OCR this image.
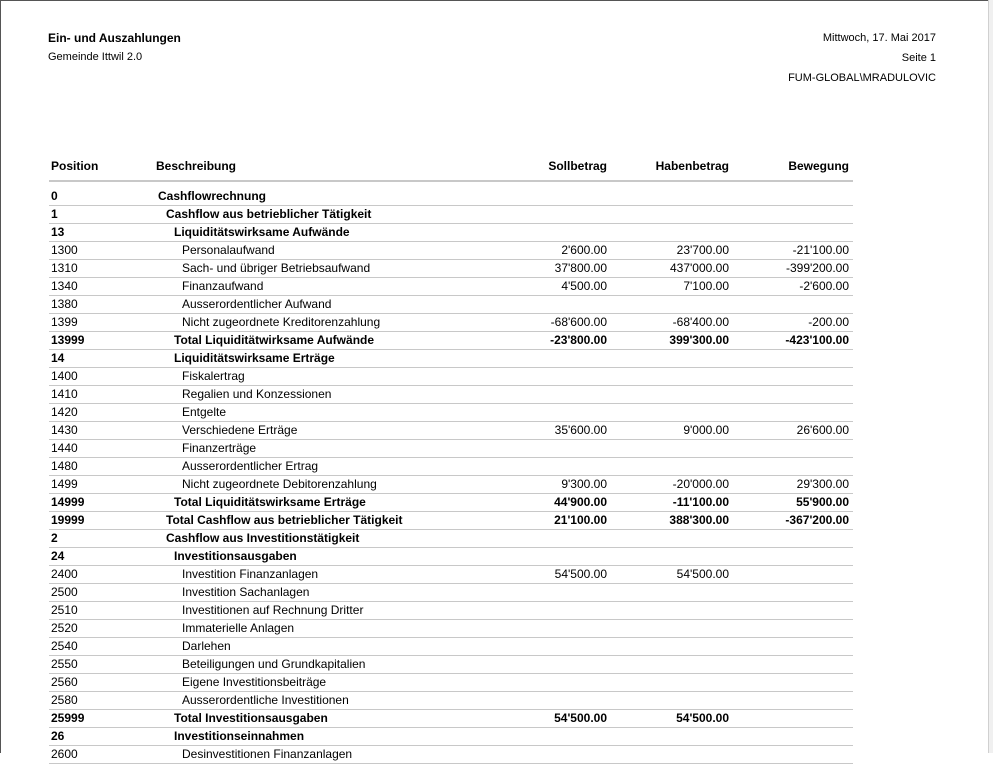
Ein- und Auszahlungen
Gemeinde Ittwil 2.0
Mittwoch, 17. Mai 2017
Seite 1
FUM-GLOBAL\MRADULOVIC
Position	Beschreibung	Sollbetrag	Habenbetrag	Bewegung

0	Cashflowrechnung			
1	Cashflow aus betrieblicher Tätigkeit			
13	Liquiditätswirksame Aufwände			
1300	Personalaufwand	2'600.00	23'700.00	-21'100.00
1310	Sach- und übriger Betriebsaufwand	37'800.00	437'000.00	-399'200.00
1340	Finanzaufwand	4'500.00	7'100.00	-2'600.00
1380	Ausserordentlicher Aufwand			
1399	Nicht zugeordnete Kreditorenzahlung	-68'600.00	-68'400.00	-200.00
13999	Total Liquiditätwirksame Aufwände	-23'800.00	399'300.00	-423'100.00
14	Liquiditätswirksame Erträge			
1400	Fiskalertrag			
1410	Regalien und Konzessionen			
1420	Entgelte			
1430	Verschiedene Erträge	35'600.00	9'000.00	26'600.00
1440	Finanzerträge			
1480	Ausserordentlicher Ertrag			
1499	Nicht zugeordnete Debitorenzahlung	9'300.00	-20'000.00	29'300.00
14999	Total Liquiditätswirksame Erträge	44'900.00	-11'100.00	55'900.00
19999	Total Cashflow aus betrieblicher Tätigkeit	21'100.00	388'300.00	-367'200.00
2	Cashflow aus Investitionstätigkeit			
24	Investitionsausgaben			
2400	Investition Finanzanlagen	54'500.00	54'500.00	
2500	Investition Sachanlagen			
2510	Investitionen auf Rechnung Dritter			
2520	Immaterielle Anlagen			
2540	Darlehen			
2550	Beteiligungen und Grundkapitalien			
2560	Eigene Investitionsbeiträge			
2580	Ausserordentliche Investitionen			
25999	Total Investitionsausgaben	54'500.00	54'500.00	
26	Investitionseinnahmen			
2600	Desinvestitionen Finanzanlagen			
